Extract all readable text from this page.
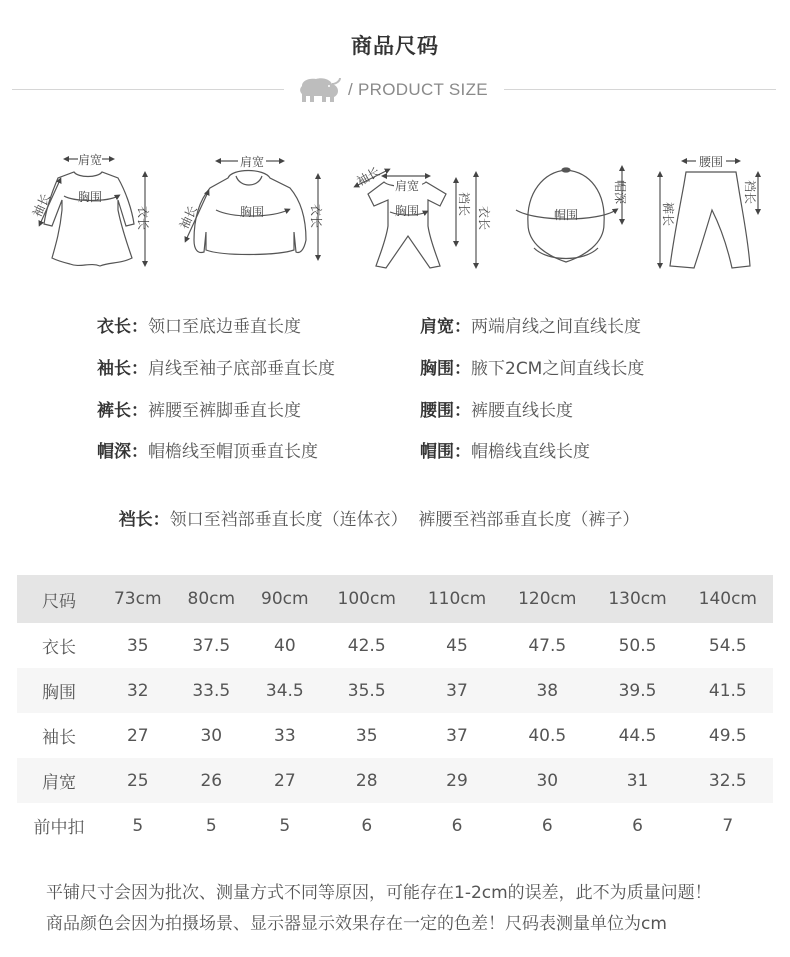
商品尺码
/ PRODUCT SIZE
肩宽
胸围
袖长	衣长
肩宽
胸围
袖长	衣长
肩宽
胸围
袖长
裆长
衣长	帽围
帽深
腰围
裤长
裆长
衣长：领口至底边垂直长度	肩宽：两端肩线之间直线长度
袖长：肩线至袖子底部垂直长度	胸围：腋下2CM之间直线长度
裤长：裤腰至裤脚垂直长度	腰围：裤腰直线长度
帽深：帽檐线至帽顶垂直长度	帽围：帽檐线直线长度

裆长：领口至裆部垂直长度（连体衣）  裤腰至裆部垂直长度（裤子）

尺码	73cm	80cm	90cm	100cm	110cm	120cm	130cm	140cm
衣长	35	37.5	40	42.5	45	47.5	50.5	54.5
胸围	32	33.5	34.5	35.5	37	38	39.5	41.5
袖长	27	30	33	35	37	40.5	44.5	49.5
肩宽	25	26	27	28	29	30	31	32.5
前中扣	5	5	5	6	6	6	6	7
平铺尺寸会因为批次、测量方式不同等原因，可能存在1-2cm的误差，此不为质量问题！
商品颜色会因为拍摄场景、显示器显示效果存在一定的色差！尺码表测量单位为cm
